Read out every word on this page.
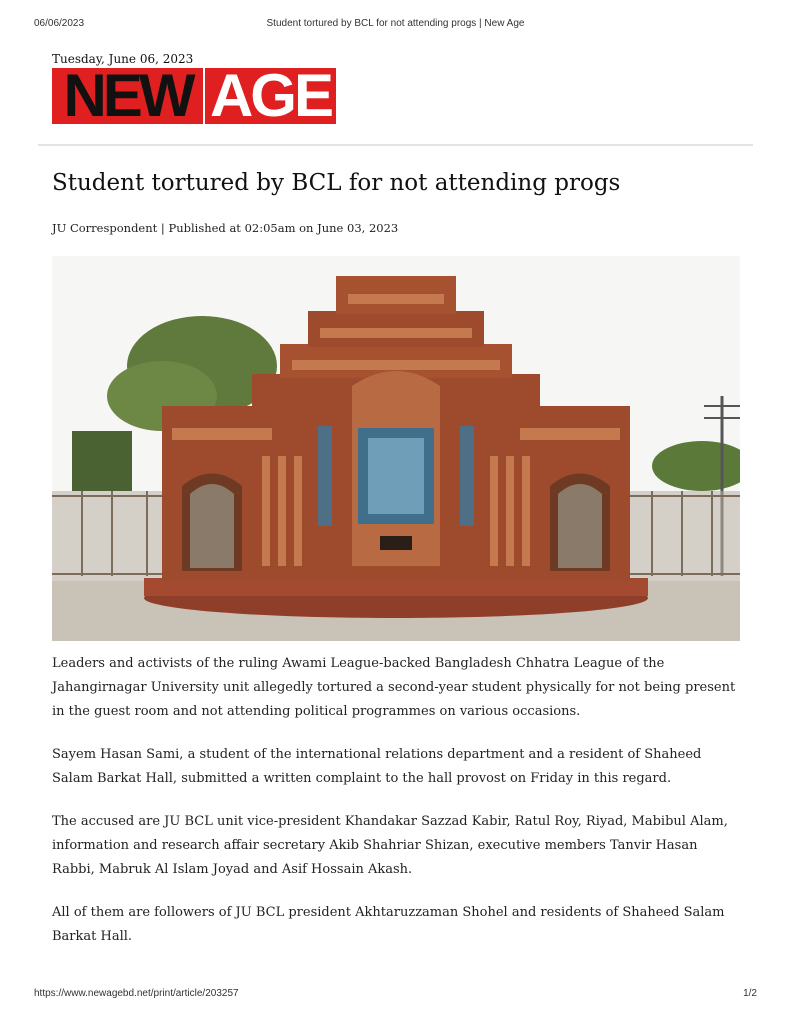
06/06/2023	Student tortured by BCL for not attending progs | New Age
Tuesday, June 06, 2023
NEW AGE
Student tortured by BCL for not attending progs
JU Correspondent | Published at 02:05am on June 03, 2023

Leaders and activists of the ruling Awami League-backed Bangladesh Chhatra League of the Jahangirnagar University unit allegedly tortured a second-year student physically for not being present in the guest room and not attending political programmes on various occasions.

Sayem Hasan Sami, a student of the international relations department and a resident of Shaheed Salam Barkat Hall, submitted a written complaint to the hall provost on Friday in this regard.

The accused are JU BCL unit vice-president Khandakar Sazzad Kabir, Ratul Roy, Riyad, Mabibul Alam, information and research affair secretary Akib Shahriar Shizan, executive members Tanvir Hasan Rabbi, Mabruk Al Islam Joyad and Asif Hossain Akash.

All of them are followers of JU BCL president Akhtaruzzaman Shohel and residents of Shaheed Salam Barkat Hall.

https://www.newagebd.net/print/article/203257	1/2
